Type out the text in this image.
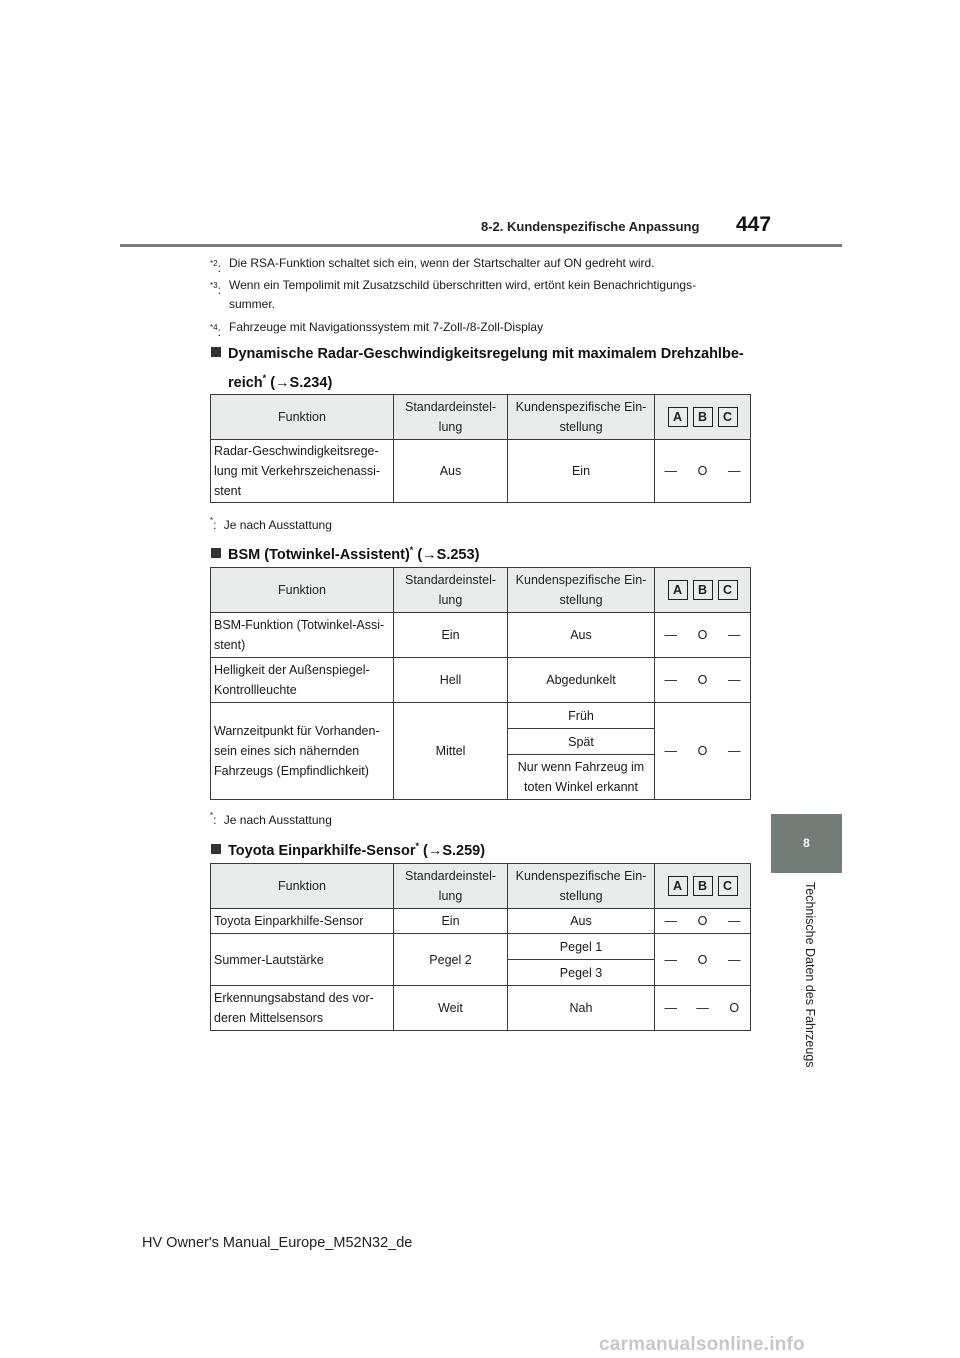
8-2. Kundenspezifische Anpassung 447
8
Technische Daten des Fahrzeugs
$^{*2}$: Die RSA-Funktion schaltet sich ein, wenn der Startschalter auf ON gedreht wird.
$^{*3}$: Wenn ein Tempolimit mit Zusatzschild überschritten wird, ertönt kein Benachrichtigungs-
summer.
$^{*4}$: Fahrzeuge mit Navigationssystem mit 7-Zoll-/8-Zoll-Display
Dynamische Radar-Geschwindigkeitsregelung mit maximalem Drehzahlbe-
reich* (→S.234)
Funktion	Standardeinstel-
lung	Kundenspezifische Ein-
stellung	A B C		

Radar-Geschwindigkeitsrege-
lung mit Verkehrszeichenassi-
stent	Aus	Ein	—	O	—
*: Je nach Ausstattung
BSM (Totwinkel-Assistent)* (→S.253)
Funktion	Standardeinstel-
lung	Kundenspezifische Ein-
stellung	A B C		

BSM-Funktion (Totwinkel-Assi-
stent)	Ein	Aus	—	O	—
Helligkeit der Außenspiegel-
Kontrollleuchte	Hell	Abgedunkelt	—	O	—
Warnzeitpunkt für Vorhanden-
sein eines sich nähernden
Fahrzeugs (Empfindlichkeit)	Mittel	Früh	—	O	—
		Spät			
		Nur wenn Fahrzeug im
toten Winkel erkannt			
*: Je nach Ausstattung
Toyota Einparkhilfe-Sensor* (→S.259)
Funktion	Standardeinstel-
lung	Kundenspezifische Ein-
stellung	A B C		

Toyota Einparkhilfe-Sensor	Ein	Aus	—	O	—
Summer-Lautstärke	Pegel 2	Pegel 1	—	O	—
		Pegel 3			
Erkennungsabstand des vor-
deren Mittelsensors	Weit	Nah	—	—	O
HV Owner's Manual_Europe_M52N32_de
carmanualsonline.info
